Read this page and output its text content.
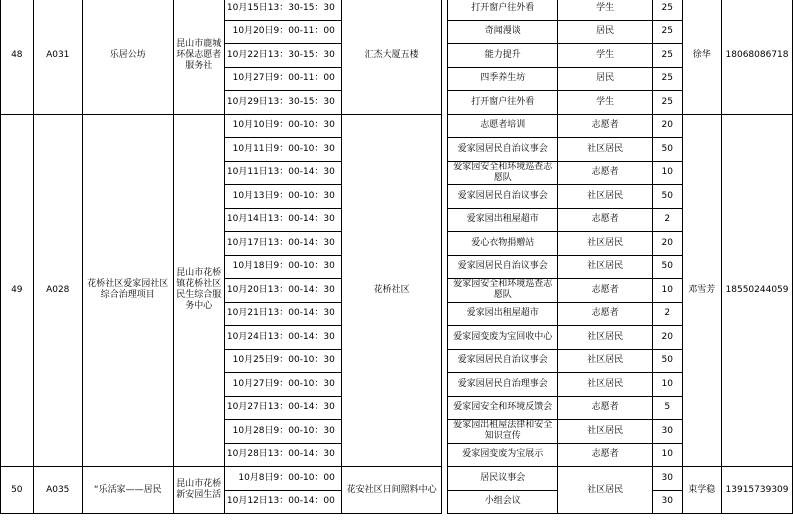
48	A031	乐居公坊	昆山市鹿城环保志愿者服务社	10月15日13：30-15：30	汇杰大厦五楼		打开窗户往外看	学生	25	徐华	18068086718
				10月20日9：00-11：00			奇闻漫谈	居民	25		
				10月22日13：30-15：30			能力提升	学生	25		
				10月27日9：00-11：00			四季养生坊	居民	25		
				10月29日13：30-15：30			打开窗户往外看	学生	25		
49	A028	花桥社区爱家园社区综合治理项目	昆山市花桥镇花桥社区民生综合服务中心	10月10日9：00-10：30	花桥社区		志愿者培训	志愿者	20	邓雪芳	18550244059
				10月11日9：00-10：30			爱家园居民自治议事会	社区居民	50		
				10月11日13：00-14：30			爱家园安全和环境巡查志愿队	志愿者	10		
				10月13日9：00-10：30			爱家园居民自治议事会	社区居民	50		
				10月14日13：00-14：30			爱家园出租屋超市	志愿者	2		
				10月17日13：00-14：30			爱心衣物捐赠站	社区居民	20		
				10月18日9：00-10：30			爱家园居民自治议事会	社区居民	50		
				10月20日13：00-14：30			爱家园安全和环境巡查志愿队	志愿者	10		
				10月21日13：00-14：30			爱家园出租屋超市	志愿者	2		
				10月24日13：00-14：30			爱家园变废为宝回收中心	社区居民	20		
				10月25日9：00-10：30			爱家园居民自治议事会	社区居民	50		
				10月27日9：00-10：30			爱家园居民自治理事会	社区居民	10		
				10月27日13：00-14：30			爱家园安全和环境反馈会	志愿者	5		
				10月28日9：00-10：30			爱家园出租屋法律和安全知识宣传	社区居民	30		
				10月28日13：00-14：30			爱家园变废为宝展示	志愿者	10		
50	A035	“乐活家——居民	昆山市花桥新安园生活	10月8日9：00-10：00	花安社区日间照料中心		居民议事会	社区居民	30	束学稳	13915739309
				10月12日13：00-14：00			小组会议		30		
